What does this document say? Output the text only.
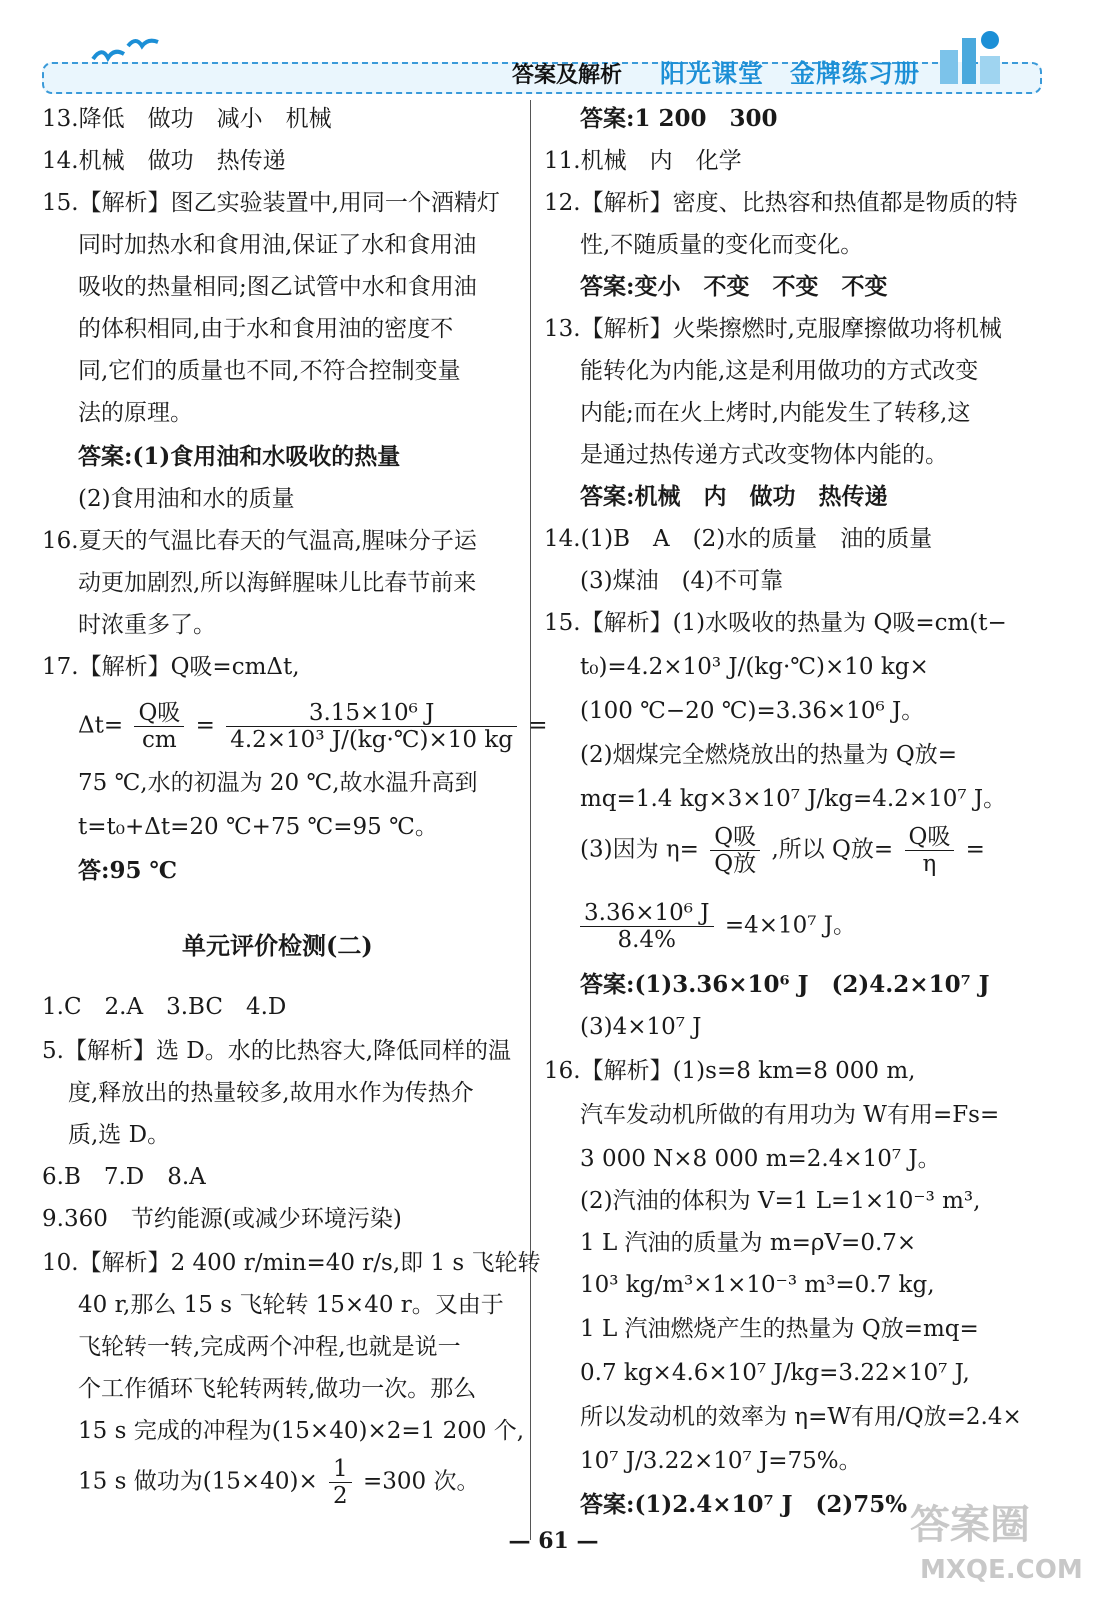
答案及解析 阳光课堂　金牌练习册
13.降低　做功　减小　机械
14.机械　做功　热传递
15.【解析】图乙实验装置中,用同一个酒精灯
同时加热水和食用油,保证了水和食用油
吸收的热量相同;图乙试管中水和食用油
的体积相同,由于水和食用油的密度不
同,它们的质量也不同,不符合控制变量
法的原理。
答案:(1)食用油和水吸收的热量
(2)食用油和水的质量
16.夏天的气温比春天的气温高,腥味分子运
动更加剧烈,所以海鲜腥味儿比春节前来
时浓重多了。
17.【解析】Q吸=cmΔt,
$\Delta t= \frac{\text{Q吸}}{cm} = \frac{\text{3.15×10⁶ J}}{\text{4.2×10³ J/(kg·℃)×10 kg}}$ =
75 ℃,水的初温为 20 ℃,故水温升高到
t=t₀+Δt=20 ℃+75 ℃=95 ℃。
答:95 ℃
单元评价检测(二)
1.C　2.A　3.BC　4.D
5.【解析】选 D。水的比热容大,降低同样的温
度,释放出的热量较多,故用水作为传热介
质,选 D。
6.B　7.D　8.A
9.360　节约能源(或减少环境污染)
10.【解析】2 400 r/min=40 r/s,即 1 s 飞轮转
40 r,那么 15 s 飞轮转 15×40 r。又由于
飞轮转一转,完成两个冲程,也就是说一
个工作循环飞轮转两转,做功一次。那么
15 s 完成的冲程为(15×40)×2=1 200 个,
15 s 做功为$(15\times 40)\times \frac{1}{2} =300$ 次。
答案:1 200　300
11.机械　内　化学
12.【解析】密度、比热容和热值都是物质的特
性,不随质量的变化而变化。
答案:变小　不变　不变　不变
13.【解析】火柴擦燃时,克服摩擦做功将机械
能转化为内能,这是利用做功的方式改变
内能;而在火上烤时,内能发生了转移,这
是通过热传递方式改变物体内能的。
答案:机械　内　做功　热传递
14.(1)B　A　(2)水的质量　油的质量
(3)煤油　(4)不可靠
15.【解析】(1)水吸收的热量为 Q吸=cm(t−
t₀)=4.2×10³ J/(kg·℃)×10 kg×
(100 ℃−20 ℃)=3.36×10⁶ J。
(2)烟煤完全燃烧放出的热量为 Q放=
mq=1.4 kg×3×10⁷ J/kg=4.2×10⁷ J。
(3)因为 $\eta= \frac{\text{Q吸}}{\text{Q放}}$ ,所以 Q放= $\frac{\text{Q吸}}{\eta}$ =
$\frac{\text{3.36×10⁶ J}}{8.4\%} =4\times 10^7$ J。
答案:(1)3.36×10⁶ J　(2)4.2×10⁷ J
(3)4×10⁷ J
16.【解析】(1)s=8 km=8 000 m,
汽车发动机所做的有用功为 W有用=Fs=
3 000 N×8 000 m=2.4×10⁷ J。
(2)汽油的体积为 V=1 L=1×10⁻³ m³,
1 L 汽油的质量为 m=ρV=0.7×
10³ kg/m³×1×10⁻³ m³=0.7 kg,
1 L 汽油燃烧产生的热量为 Q放=mq=
0.7 kg×4.6×10⁷ J/kg=3.22×10⁷ J,
所以发动机的效率为 η=W有用/Q放=2.4×
10⁷ J/3.22×10⁷ J=75%。
答案:(1)2.4×10⁷ J　(2)75%
— 61 —	答案圈
MXQE.COM
